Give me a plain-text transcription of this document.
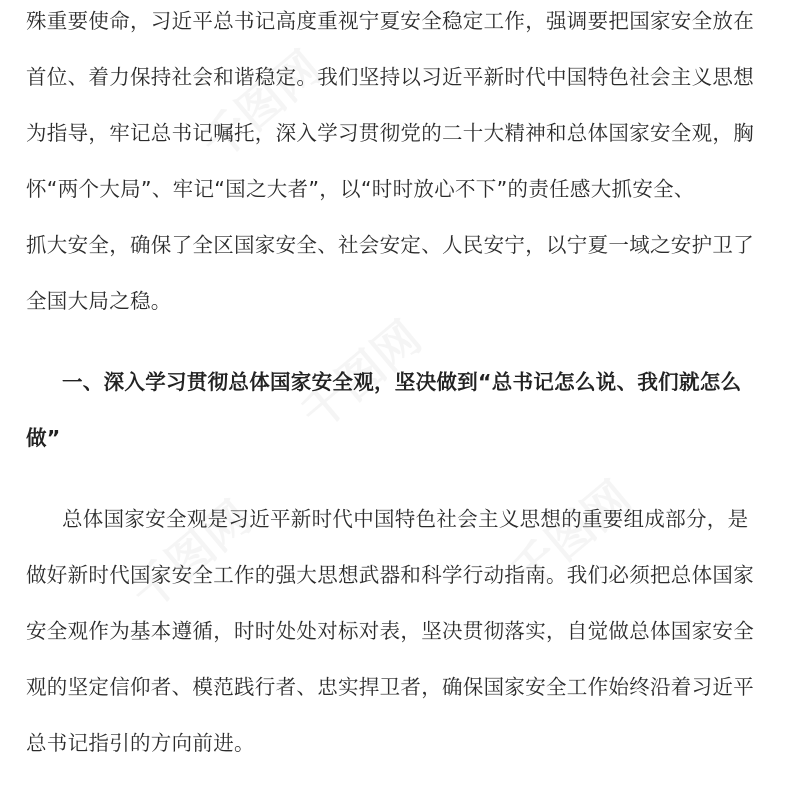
千图网
千图网
千图网	千图网
殊重要使命，习近平总书记高度重视宁夏安全稳定工作，强调要把国家安全放在
首位、着力保持社会和谐稳定。我们坚持以习近平新时代中国特色社会主义思想
为指导，牢记总书记嘱托，深入学习贯彻党的二十大精神和总体国家安全观，胸
怀“两个大局”、牢记“国之大者”，以“时时放心不下”的责任感大抓安全、
抓大安全，确保了全区国家安全、社会安定、人民安宁，以宁夏一域之安护卫了
全国大局之稳。
一、深入学习贯彻总体国家安全观，坚决做到“总书记怎么说、我们就怎么
做”
总体国家安全观是习近平新时代中国特色社会主义思想的重要组成部分，是
做好新时代国家安全工作的强大思想武器和科学行动指南。我们必须把总体国家
安全观作为基本遵循，时时处处对标对表，坚决贯彻落实，自觉做总体国家安全
观的坚定信仰者、模范践行者、忠实捍卫者，确保国家安全工作始终沿着习近平
总书记指引的方向前进。
